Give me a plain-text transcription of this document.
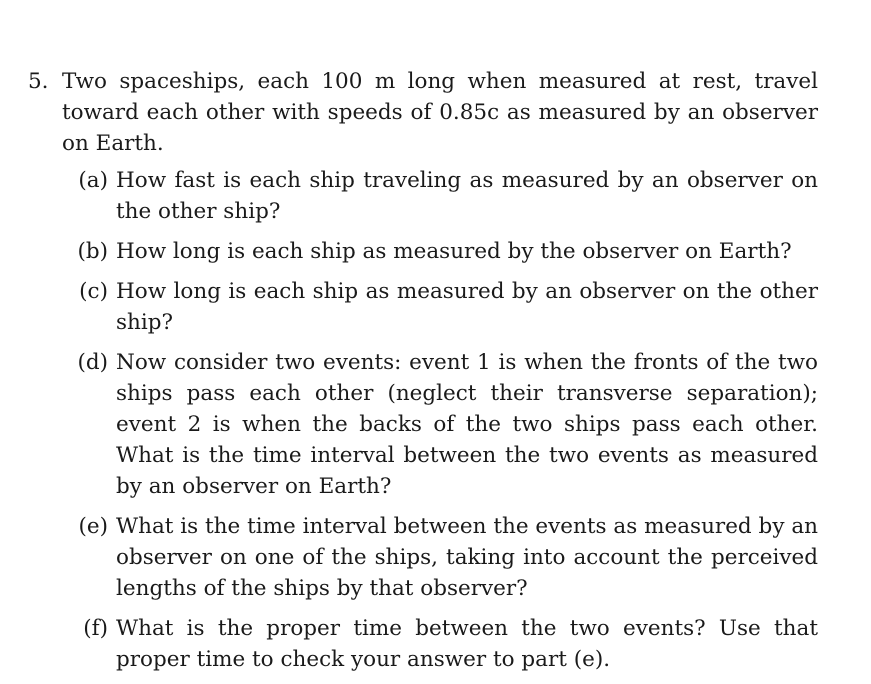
5. Two spaceships, each 100 m long when measured at rest, travel toward each other with speeds of 0.85c as measured by an observer on Earth.
(a) How fast is each ship traveling as measured by an observer on the other ship?
(b) How long is each ship as measured by the observer on Earth?
(c) How long is each ship as measured by an observer on the other ship?
(d) Now consider two events: event 1 is when the fronts of the two ships pass each other (neglect their transverse separation); event 2 is when the backs of the two ships pass each other. What is the time interval between the two events as measured by an observer on Earth?
(e) What is the time interval between the events as measured by an observer on one of the ships, taking into account the perceived lengths of the ships by that observer?
(f) What is the proper time between the two events? Use that proper time to check your answer to part (e).
